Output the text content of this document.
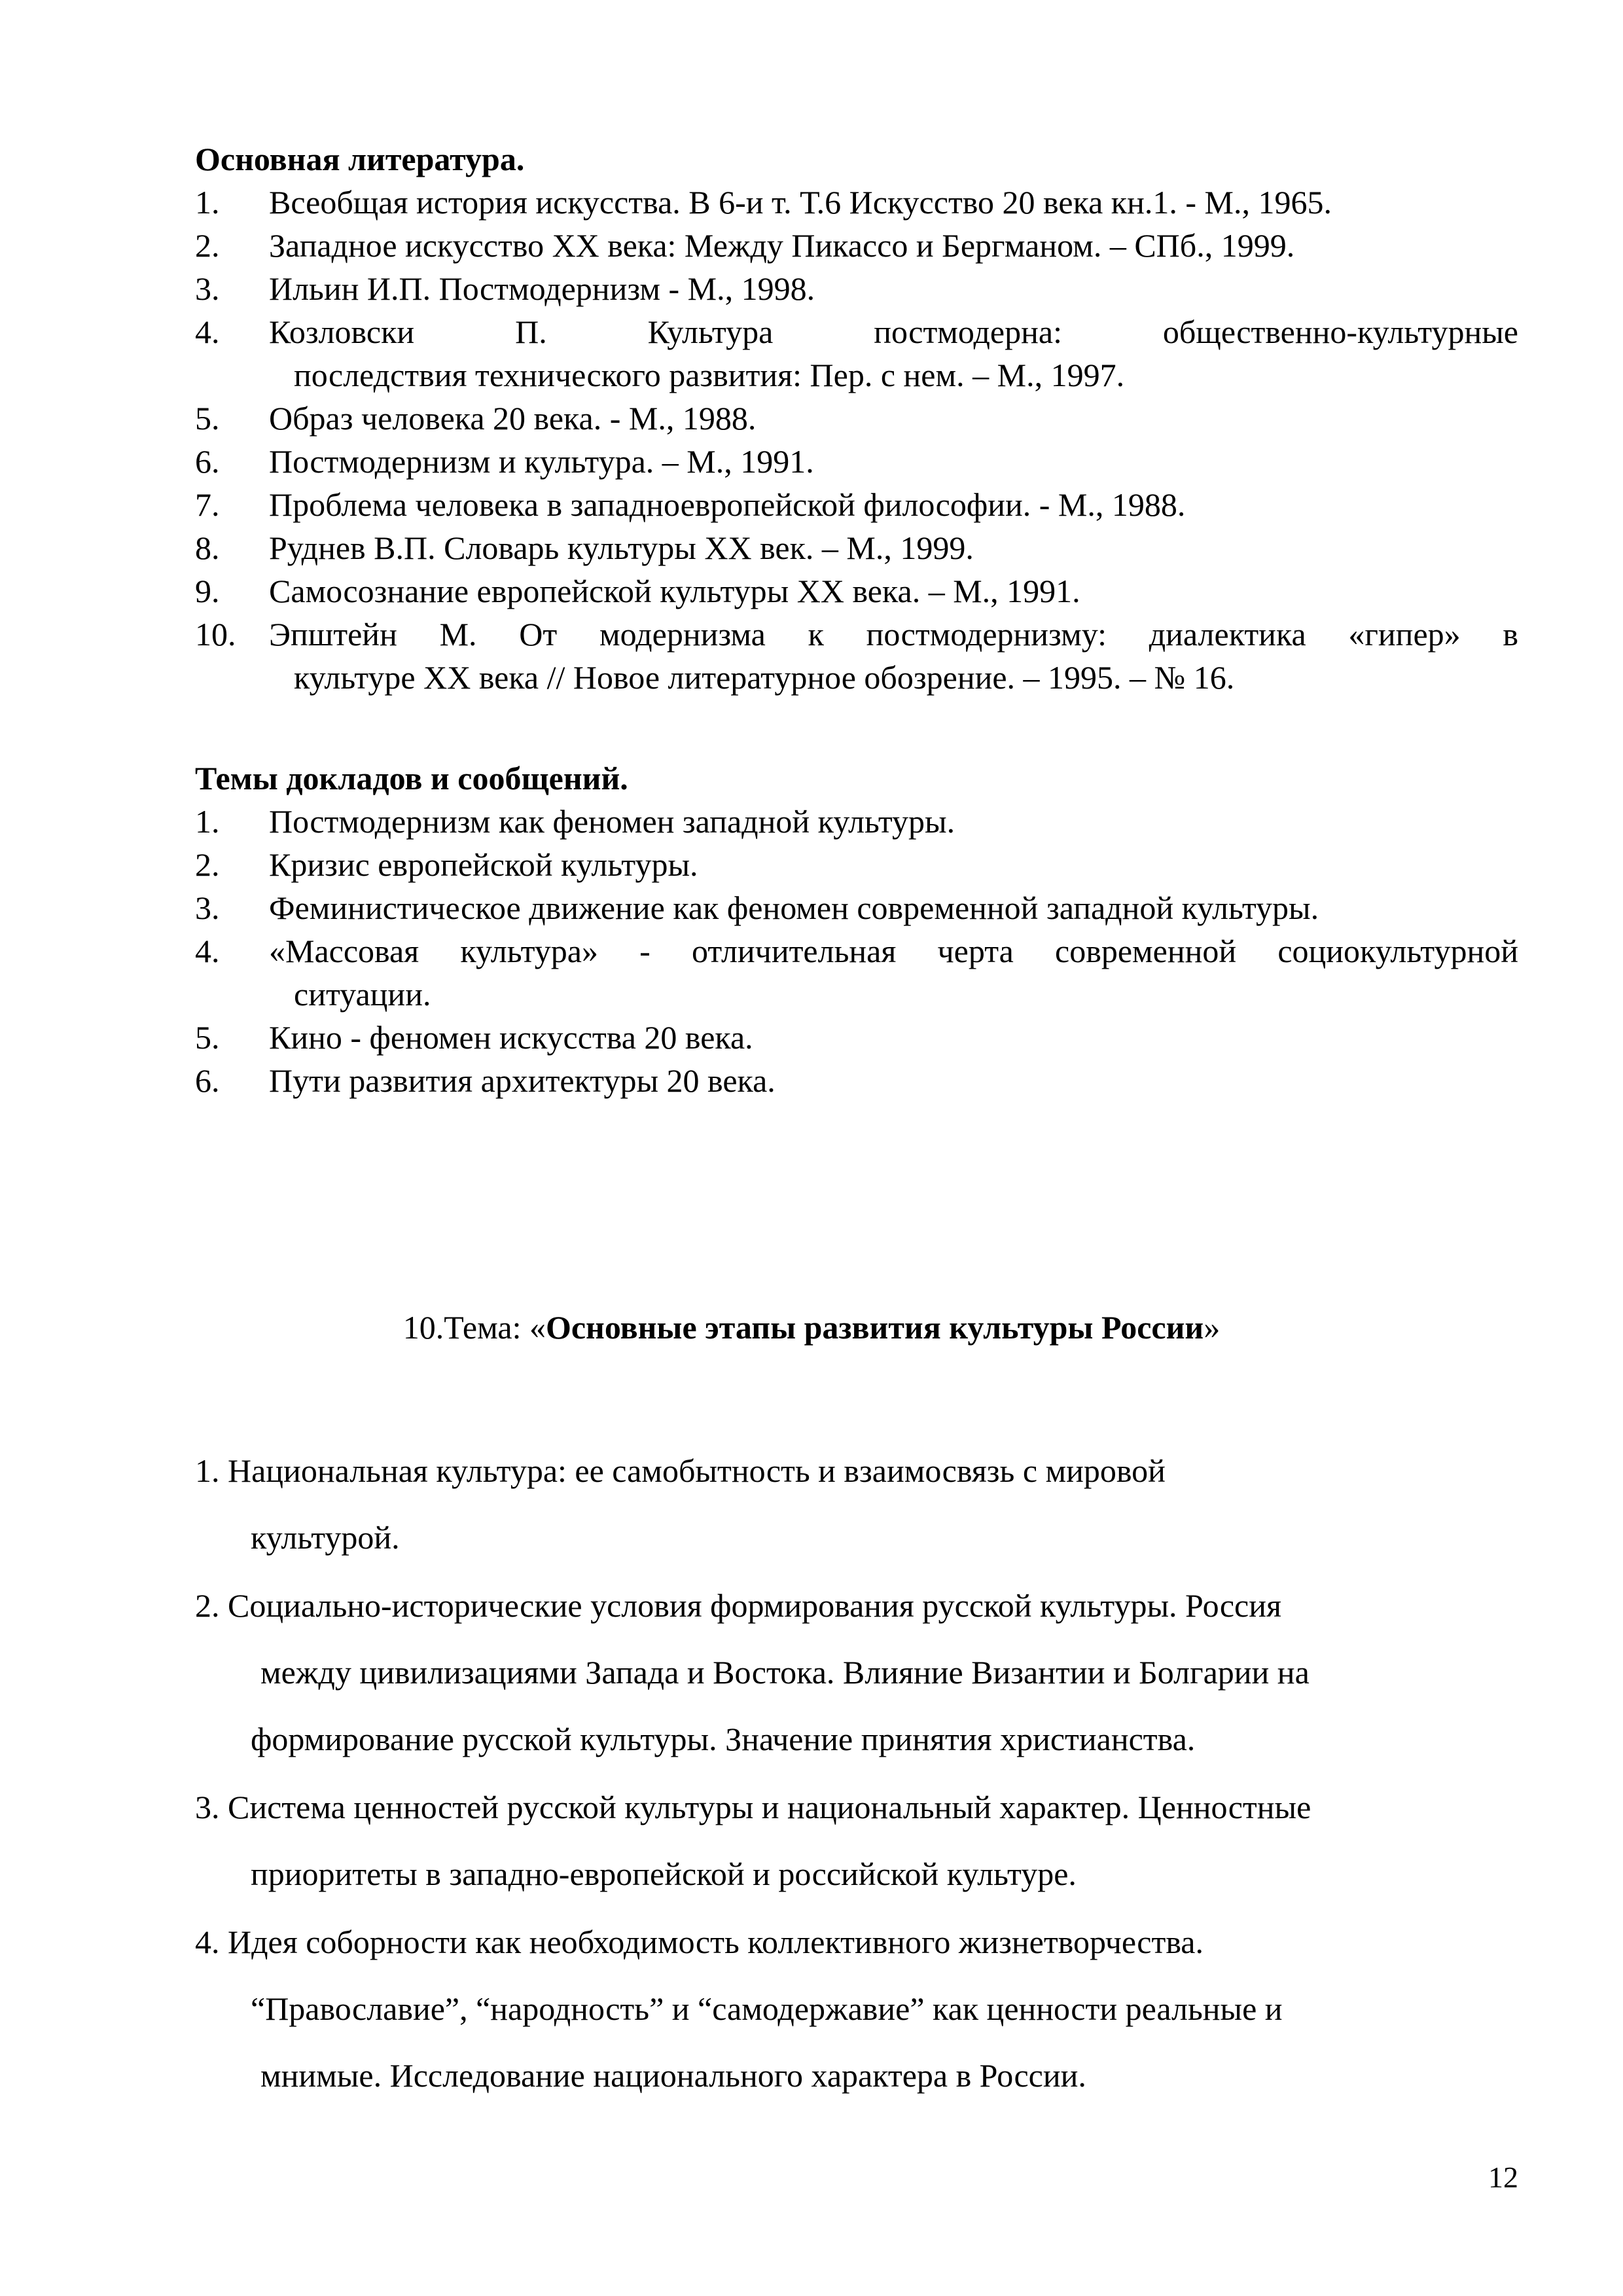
Основная литература.
1. Всеобщая история искусства. В 6-и т. Т.6 Искусство 20 века кн.1. - М., 1965.
2. Западное искусство XX века: Между Пикассо и Бергманом. – СПб., 1999.
3. Ильин И.П. Постмодернизм - М., 1998.
4. Козловски П. Культура постмодерна: общественно-культурные
последствия технического развития: Пер. с нем. – М., 1997.
5. Образ человека 20 века. - М., 1988.
6. Постмодернизм и культура. – М., 1991.
7. Проблема человека в западноевропейской философии. - М., 1988.
8. Руднев В.П. Словарь культуры XX век. – М., 1999.
9. Самосознание европейской культуры XX века. – М., 1991.
10. Эпштейн М. От модернизма к постмодернизму: диалектика «гипер» в
культуре XX века // Новое литературное обозрение. – 1995. – № 16.
Темы докладов и сообщений.
1. Постмодернизм как феномен западной культуры.
2. Кризис европейской культуры.
3. Феминистическое движение как феномен современной западной культуры.
4. «Массовая культура» - отличительная черта современной социокультурной
ситуации.
5. Кино - феномен искусства 20 века.
6. Пути развития архитектуры 20 века.

10.Тема: «Основные этапы развития культуры России»

1. Национальная культура: ее самобытность и взаимосвязь с мировой
культурой.
2. Социально-исторические условия формирования русской культуры. Россия
между цивилизациями Запада и Востока. Влияние Византии и Болгарии на
формирование русской культуры. Значение принятия христианства.
3. Система ценностей русской культуры и национальный характер. Ценностные
приоритеты в западно-европейской и российской культуре.
4. Идея соборности как необходимость коллективного жизнетворчества.
“Православие”, “народность” и “самодержавие” как ценности реальные и
мнимые. Исследование национального характера в России.
12
